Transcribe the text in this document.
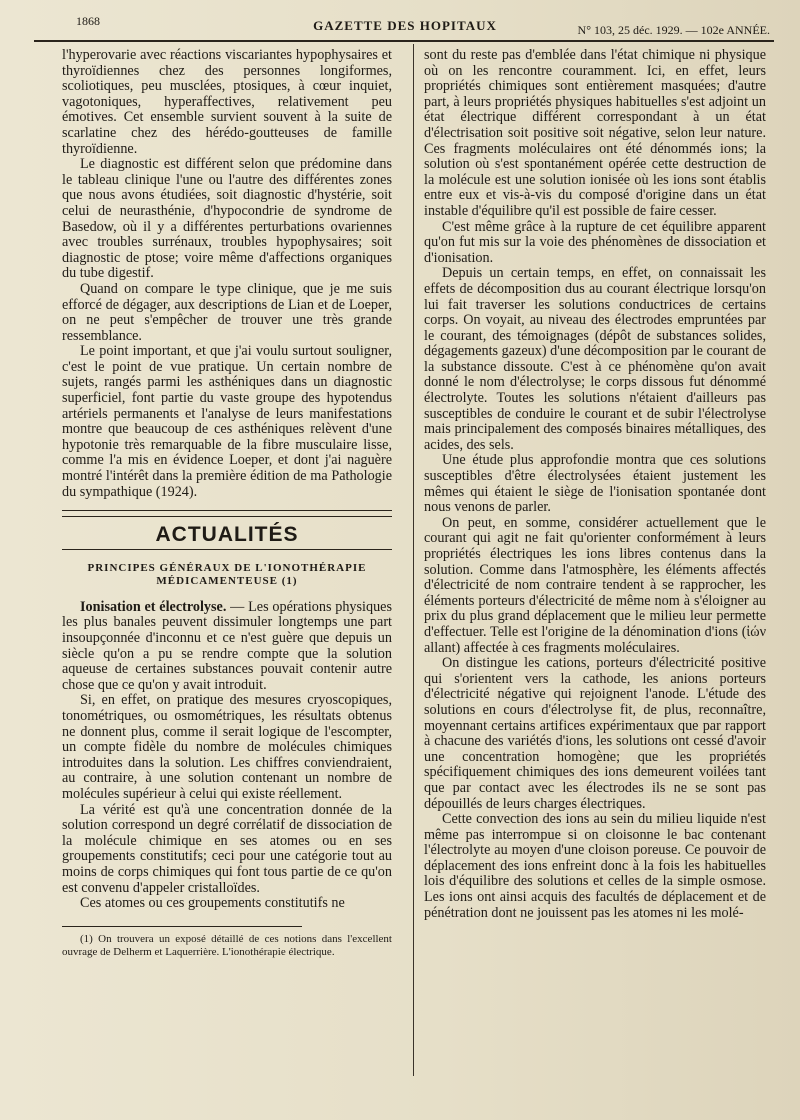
1868	GAZETTE DES HOPITAUX	N° 103, 25 déc. 1929. — 102e ANNÉE.

l'hyperovarie avec réactions viscariantes hypophysaires et thyroïdiennes chez des personnes longiformes, scoliotiques, peu musclées, ptosiques, à cœur inquiet, vagotoniques, hyperaffectives, relativement peu émotives. Cet ensemble survient souvent à la suite de scarlatine chez des hérédo-goutteuses de famille thyroïdienne.

Le diagnostic est différent selon que prédomine dans le tableau clinique l'une ou l'autre des différentes zones que nous avons étudiées, soit diagnostic d'hystérie, soit celui de neurasthénie, d'hypocondrie de syndrome de Basedow, où il y a différentes perturbations ovariennes avec troubles surrénaux, troubles hypophysaires; soit diagnostic de ptose; voire même d'affections organiques du tube digestif.

Quand on compare le type clinique, que je me suis efforcé de dégager, aux descriptions de Lian et de Loeper, on ne peut s'empêcher de trouver une très grande ressemblance.

Le point important, et que j'ai voulu surtout souligner, c'est le point de vue pratique. Un certain nombre de sujets, rangés parmi les asthéniques dans un diagnostic superficiel, font partie du vaste groupe des hypotendus artériels permanents et l'analyse de leurs manifestations montre que beaucoup de ces asthéniques relèvent d'une hypotonie très remarquable de la fibre musculaire lisse, comme l'a mis en évidence Loeper, et dont j'ai naguère montré l'intérêt dans la première édition de ma Pathologie du sympathique (1924).

ACTUALITÉS
PRINCIPES GÉNÉRAUX DE L'IONOTHÉRAPIE
MÉDICAMENTEUSE (1)

Ionisation et électrolyse. — Les opérations physiques les plus banales peuvent dissimuler longtemps une part insoupçonnée d'inconnu et ce n'est guère que depuis un siècle qu'on a pu se rendre compte que la solution aqueuse de certaines substances pouvait contenir autre chose que ce qu'on y avait introduit.

Si, en effet, on pratique des mesures cryoscopiques, tonométriques, ou osmométriques, les résultats obtenus ne donnent plus, comme il serait logique de l'escompter, un compte fidèle du nombre de molécules chimiques introduites dans la solution. Les chiffres conviendraient, au contraire, à une solution contenant un nombre de molécules supérieur à celui qui existe réellement.

La vérité est qu'à une concentration donnée de la solution correspond un degré corrélatif de dissociation de la molécule chimique en ses atomes ou en ses groupements constitutifs; ceci pour une catégorie tout au moins de corps chimiques qui font tous partie de ce qu'on est convenu d'appeler cristalloïdes.

Ces atomes ou ces groupements constitutifs ne

(1) On trouvera un exposé détaillé de ces notions dans l'excellent ouvrage de Delherm et Laquerrière. L'ionothérapie électrique.

sont du reste pas d'emblée dans l'état chimique ni physique où on les rencontre couramment. Ici, en effet, leurs propriétés chimiques sont entièrement masquées; d'autre part, à leurs propriétés physiques habituelles s'est adjoint un état électrique différent correspondant à un état d'électrisation soit positive soit négative, selon leur nature. Ces fragments moléculaires ont été dénommés ions; la solution où s'est spontanément opérée cette destruction de la molécule est une solution ionisée où les ions sont établis entre eux et vis-à-vis du composé d'origine dans un état instable d'équilibre qu'il est possible de faire cesser.

C'est même grâce à la rupture de cet équilibre apparent qu'on fut mis sur la voie des phénomènes de dissociation et d'ionisation.

Depuis un certain temps, en effet, on connaissait les effets de décomposition dus au courant électrique lorsqu'on lui fait traverser les solutions conductrices de certains corps. On voyait, au niveau des électrodes empruntées par le courant, des témoignages (dépôt de substances solides, dégagements gazeux) d'une décomposition par le courant de la substance dissoute. C'est à ce phénomène qu'on avait donné le nom d'électrolyse; le corps dissous fut dénommé électrolyte. Toutes les solutions n'étaient d'ailleurs pas susceptibles de conduire le courant et de subir l'électrolyse mais principalement des composés binaires métalliques, des acides, des sels.

Une étude plus approfondie montra que ces solutions susceptibles d'être électrolysées étaient justement les mêmes qui étaient le siège de l'ionisation spontanée dont nous venons de parler.

On peut, en somme, considérer actuellement que le courant qui agit ne fait qu'orienter conformément à leurs propriétés électriques les ions libres contenus dans la solution. Comme dans l'atmosphère, les éléments affectés d'électricité de nom contraire tendent à se rapprocher, les éléments porteurs d'électricité de même nom à s'éloigner au prix du plus grand déplacement que le milieu leur permette d'effectuer. Telle est l'origine de la dénomination d'ions (ἰών allant) affectée à ces fragments moléculaires.

On distingue les cations, porteurs d'électricité positive qui s'orientent vers la cathode, les anions porteurs d'électricité négative qui rejoignent l'anode. L'étude des solutions en cours d'électrolyse fit, de plus, reconnaître, moyennant certains artifices expérimentaux que par rapport à chacune des variétés d'ions, les solutions ont cessé d'avoir une concentration homogène; que les propriétés spécifiquement chimiques des ions demeurent voilées tant que par contact avec les électrodes ils ne se sont pas dépouillés de leurs charges électriques.

Cette convection des ions au sein du milieu liquide n'est même pas interrompue si on cloisonne le bac contenant l'électrolyte au moyen d'une cloison poreuse. Ce pouvoir de déplacement des ions enfreint donc à la fois les habituelles lois d'équilibre des solutions et celles de la simple osmose. Les ions ont ainsi acquis des facultés de déplacement et de pénétration dont ne jouissent pas les atomes ni les molé-
